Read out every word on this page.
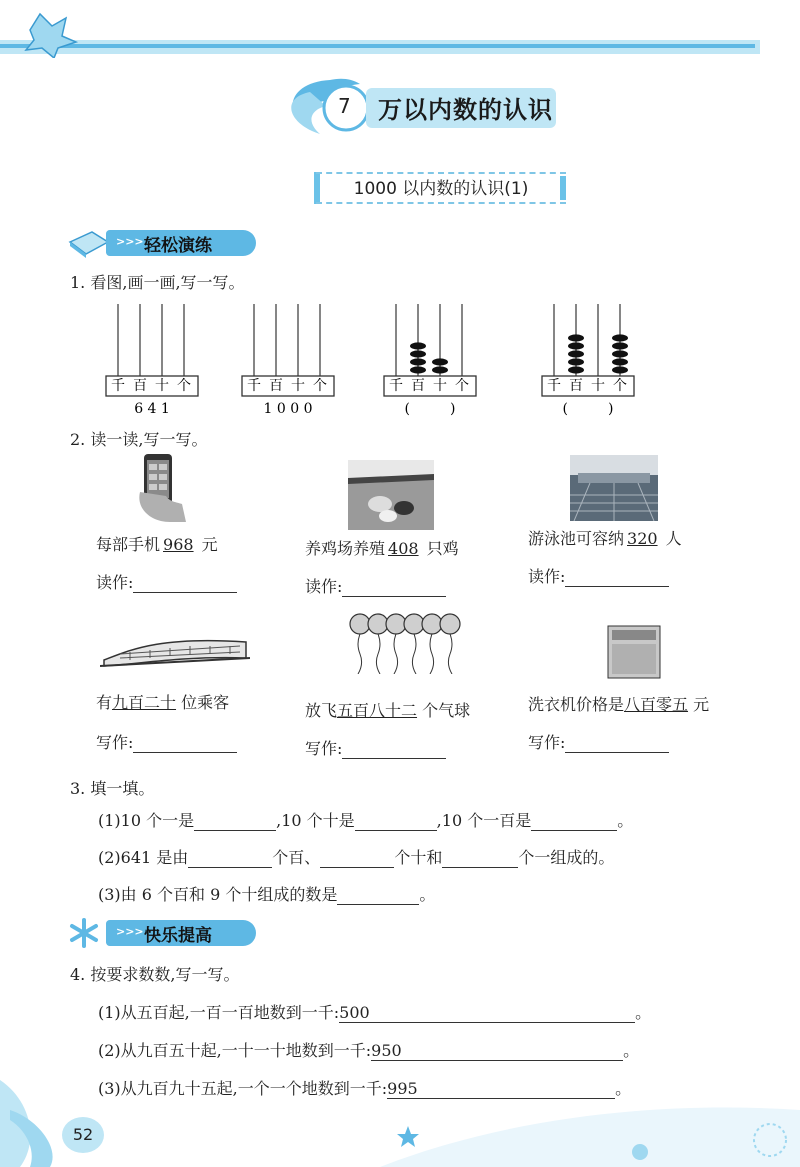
7 万以内数的认识
1000 以内数的认识(1)
>>> 轻松演练
1. 看图,画一画,写一写。
千 百 十 个
6 4 1
千 百 十 个
1 0 0 0
千 百 十 个
(         )
千 百 十 个
(         )
2. 读一读,写一写。
每部手机 968 元
读作:
养鸡场养殖 408 只鸡
读作:
游泳池可容纳 320 人
读作:
有九百二十 位乘客
写作:
放飞五百八十二 个气球
写作:
洗衣机价格是八百零五 元
写作:
3. 填一填。
(1)10 个一是	,10 个十是	,10 个一百是	。
(2)641 是由	个百、	个十和	个一组成的。
(3)由 6 个百和 9 个十组成的数是	。
>>> 快乐提高
4. 按要求数数,写一写。
(1)从五百起,一百一百地数到一千:500	。
(2)从九百五十起,一十一十地数到一千:950	。
(3)从九百九十五起,一个一个地数到一千:995	。
52
